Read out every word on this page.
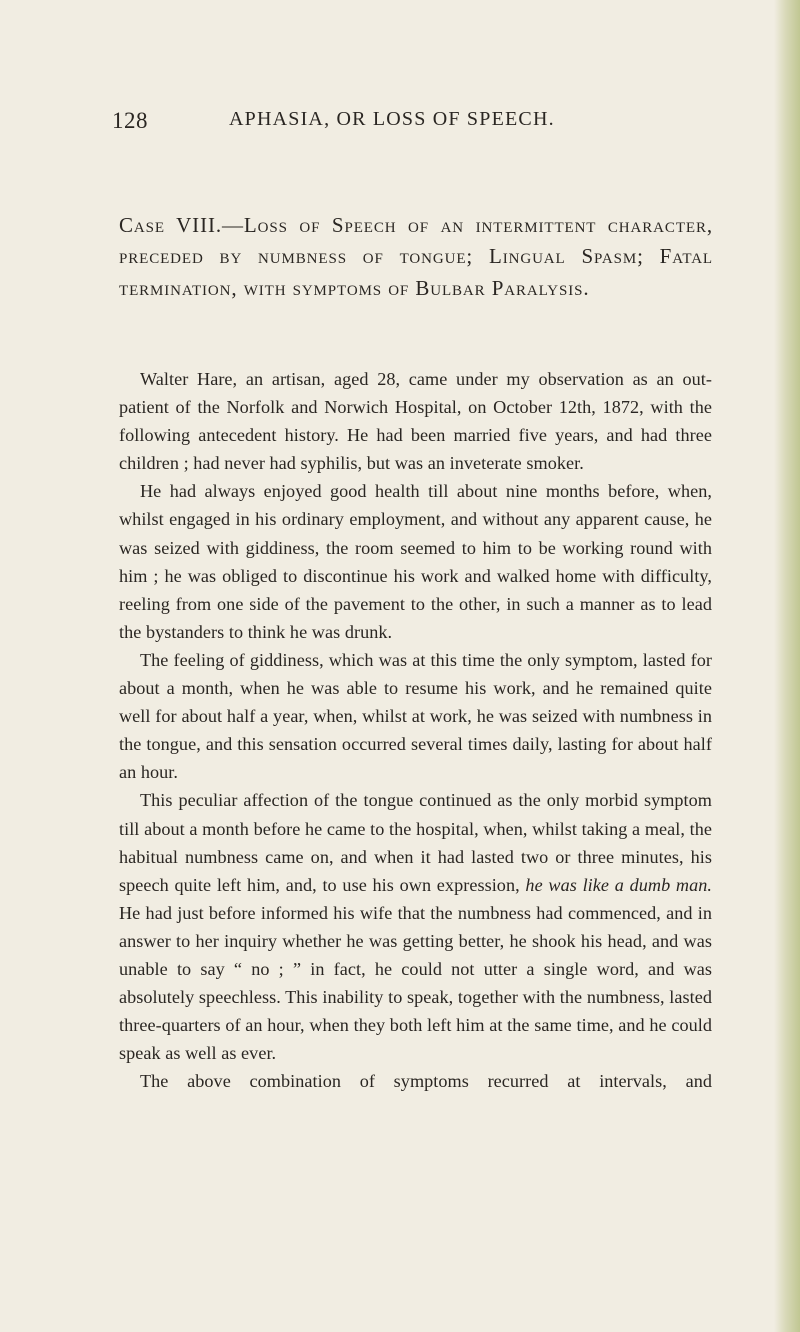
128	APHASIA, OR LOSS OF SPEECH.
Case VIII.—Loss of Speech of an intermittent character, preceded by numbness of tongue; Lingual Spasm; Fatal termination, with symptoms of Bulbar Paralysis.

Walter Hare, an artisan, aged 28, came under my observation as an out-patient of the Norfolk and Norwich Hospital, on October 12th, 1872, with the following antecedent history. He had been married five years, and had three children ; had never had syphilis, but was an inveterate smoker.

He had always enjoyed good health till about nine months before, when, whilst engaged in his ordinary employment, and without any apparent cause, he was seized with giddiness, the room seemed to him to be working round with him ; he was obliged to discontinue his work and walked home with difficulty, reeling from one side of the pavement to the other, in such a manner as to lead the bystanders to think he was drunk.

The feeling of giddiness, which was at this time the only symptom, lasted for about a month, when he was able to resume his work, and he remained quite well for about half a year, when, whilst at work, he was seized with numbness in the tongue, and this sensation occurred several times daily, lasting for about half an hour.

This peculiar affection of the tongue continued as the only morbid symptom till about a month before he came to the hospital, when, whilst taking a meal, the habitual numbness came on, and when it had lasted two or three minutes, his speech quite left him, and, to use his own expression, he was like a dumb man. He had just before informed his wife that the numbness had commenced, and in answer to her inquiry whether he was getting better, he shook his head, and was unable to say “ no ; ” in fact, he could not utter a single word, and was absolutely speechless. This inability to speak, together with the numbness, lasted three-quarters of an hour, when they both left him at the same time, and he could speak as well as ever.

The above combination of symptoms recurred at intervals, and
